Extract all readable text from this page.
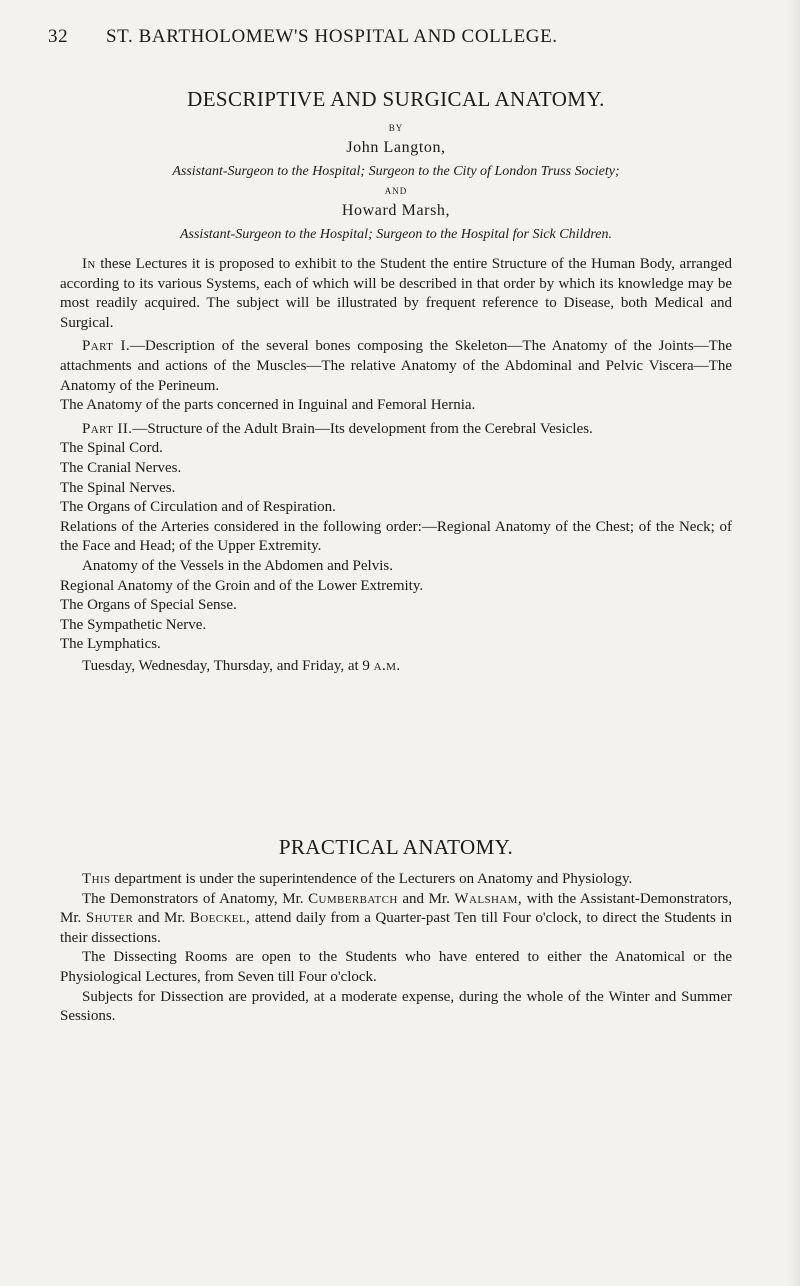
32 ST. BARTHOLOMEW'S HOSPITAL AND COLLEGE.
DESCRIPTIVE AND SURGICAL ANATOMY.
BY
John Langton,
Assistant-Surgeon to the Hospital; Surgeon to the City of London Truss Society;
AND
Howard Marsh,
Assistant-Surgeon to the Hospital; Surgeon to the Hospital for Sick Children.

In these Lectures it is proposed to exhibit to the Student the entire Structure of the Human Body, arranged according to its various Systems, each of which will be described in that order by which its knowledge may be most readily acquired. The subject will be illustrated by frequent reference to Disease, both Medical and Surgical.

Part I.—Description of the several bones composing the Skeleton—The Anatomy of the Joints—The attachments and actions of the Muscles—The relative Anatomy of the Abdominal and Pelvic Viscera—The Anatomy of the Perineum.

The Anatomy of the parts concerned in Inguinal and Femoral Hernia.

Part II.—Structure of the Adult Brain—Its development from the Cerebral Vesicles.

The Spinal Cord.

The Cranial Nerves.

The Spinal Nerves.

The Organs of Circulation and of Respiration.

Relations of the Arteries considered in the following order:—Regional Anatomy of the Chest; of the Neck; of the Face and Head; of the Upper Extremity.

Anatomy of the Vessels in the Abdomen and Pelvis.

Regional Anatomy of the Groin and of the Lower Extremity.

The Organs of Special Sense.

The Sympathetic Nerve.

The Lymphatics.

Tuesday, Wednesday, Thursday, and Friday, at 9 a.m.

PRACTICAL ANATOMY.

This department is under the superintendence of the Lecturers on Anatomy and Physiology.

The Demonstrators of Anatomy, Mr. Cumberbatch and Mr. Walsham, with the Assistant-Demonstrators, Mr. Shuter and Mr. Boeckel, attend daily from a Quarter-past Ten till Four o'clock, to direct the Students in their dissections.

The Dissecting Rooms are open to the Students who have entered to either the Anatomical or the Physiological Lectures, from Seven till Four o'clock.

Subjects for Dissection are provided, at a moderate expense, during the whole of the Winter and Summer Sessions.
